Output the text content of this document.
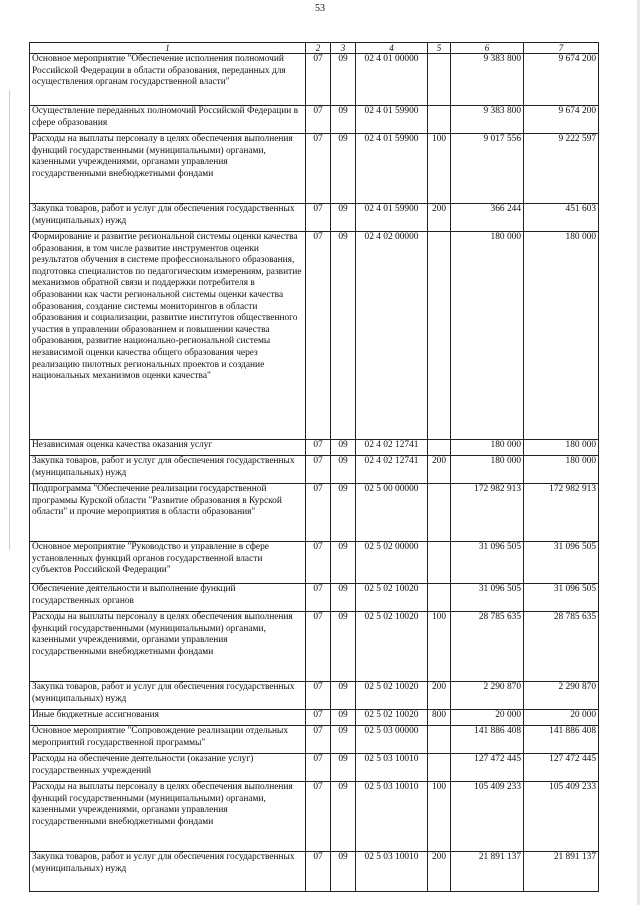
53
1	2	3	4	5	6	7
Основное мероприятие "Обеспечение исполнения полномочий Российской Федерации в области образования, переданных для осуществления органам государственной власти"	07	09	02 4 01 00000		9 383 800	9 674 200
Осуществление переданных полномочий Российской Федерации в сфере образования	07	09	02 4 01 59900		9 383 800	9 674 200
Расходы на выплаты персоналу в целях обеспечения выполнения функций государственными (муниципальными) органами, казенными учреждениями, органами управления государственными внебюджетными фондами	07	09	02 4 01 59900	100	9 017 556	9 222 597
Закупка товаров, работ и услуг для обеспечения государственных (муниципальных) нужд	07	09	02 4 01 59900	200	366 244	451 603
Формирование и развитие региональной системы оценки качества образования, в том числе развитие инструментов оценки результатов обучения в системе профессионального образования, подготовка специалистов по педагогическим измерениям, развитие механизмов обратной связи и поддержки потребителя в образовании как части региональной системы оценки качества образования, создание системы мониторингов в области образования и социализации, развитие институтов общественного участия в управлении образованием и повышении качества образования, развитие национально-региональной системы независимой оценки качества общего образования через реализацию пилотных региональных проектов и создание национальных механизмов оценки качества"	07	09	02 4 02 00000		180 000	180 000
Независимая оценка качества оказания услуг	07	09	02 4 02 12741		180 000	180 000
Закупка товаров, работ и услуг для обеспечения государственных (муниципальных) нужд	07	09	02 4 02 12741	200	180 000	180 000
Подпрограмма "Обеспечение реализации государственной программы Курской области "Развитие образования в Курской области" и прочие мероприятия в области образования"	07	09	02 5 00 00000		172 982 913	172 982 913
Основное мероприятие "Руководство и управление в сфере установленных функций органов государственной власти субъектов Российской Федерации"	07	09	02 5 02 00000		31 096 505	31 096 505
Обеспечение деятельности и выполнение функций государственных органов	07	09	02 5 02 10020		31 096 505	31 096 505
Расходы на выплаты персоналу в целях обеспечения выполнения функций государственными (муниципальными) органами, казенными учреждениями, органами управления государственными внебюджетными фондами	07	09	02 5 02 10020	100	28 785 635	28 785 635
Закупка товаров, работ и услуг для обеспечения государственных (муниципальных) нужд	07	09	02 5 02 10020	200	2 290 870	2 290 870
Иные бюджетные ассигнования	07	09	02 5 02 10020	800	20 000	20 000
Основное мероприятие "Сопровождение реализации отдельных мероприятий государственной программы"	07	09	02 5 03 00000		141 886 408	141 886 408
Расходы на обеспечение деятельности (оказание услуг) государственных учреждений	07	09	02 5 03 10010		127 472 445	127 472 445
Расходы на выплаты персоналу в целях обеспечения выполнения функций государственными (муниципальными) органами, казенными учреждениями, органами управления государственными внебюджетными фондами	07	09	02 5 03 10010	100	105 409 233	105 409 233
Закупка товаров, работ и услуг для обеспечения государственных (муниципальных) нужд	07	09	02 5 03 10010	200	21 891 137	21 891 137
